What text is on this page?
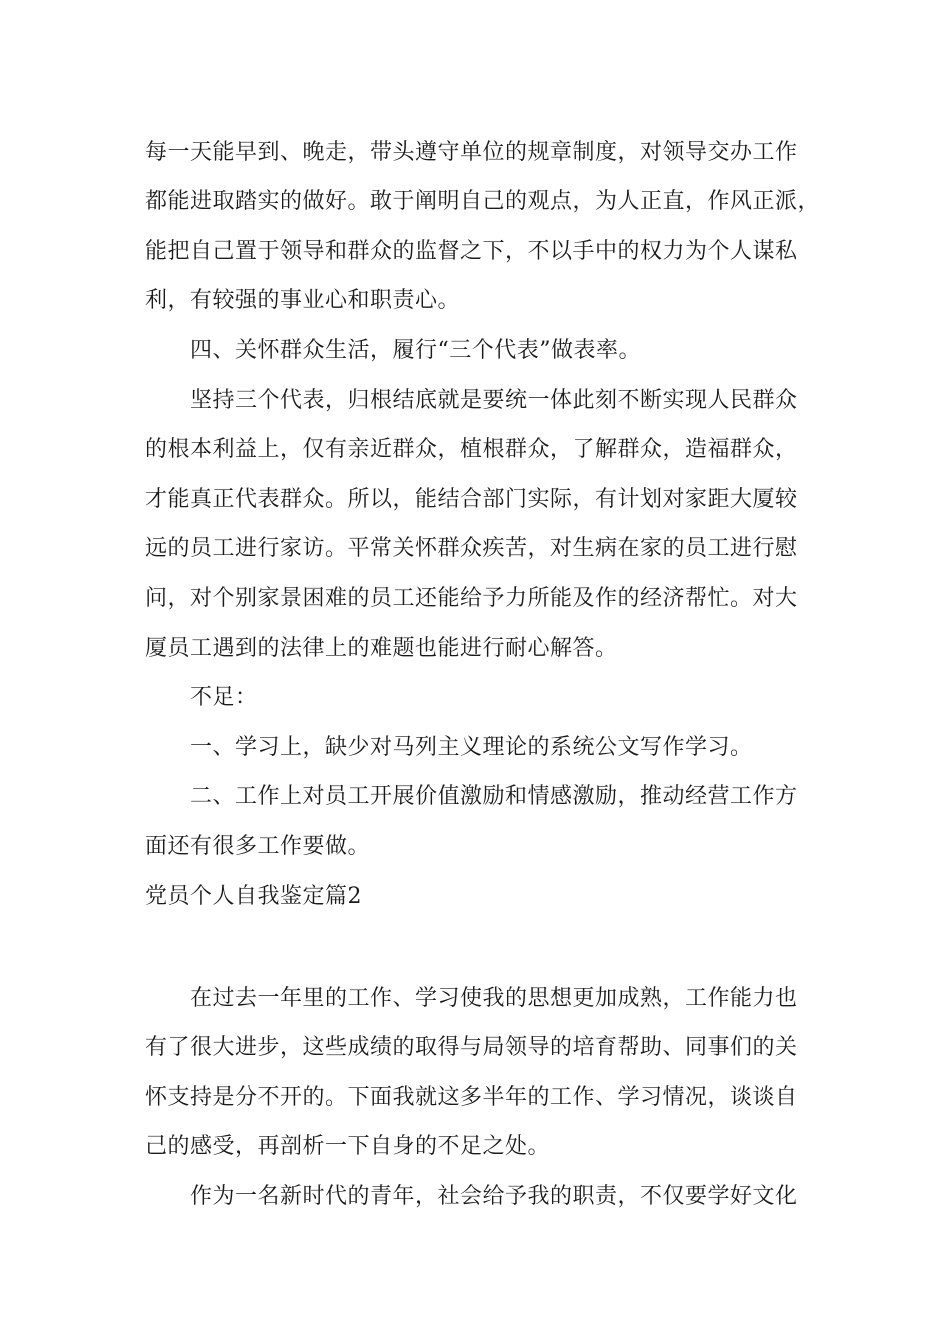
每一天能早到、晚走，带头遵守单位的规章制度，对领导交办工作
都能进取踏实的做好。敢于阐明自己的观点，为人正直，作风正派，
能把自己置于领导和群众的监督之下，不以手中的权力为个人谋私
利，有较强的事业心和职责心。
四、关怀群众生活，履行“三个代表”做表率。
坚持三个代表，归根结底就是要统一体此刻不断实现人民群众
的根本利益上，仅有亲近群众，植根群众，了解群众，造福群众，
才能真正代表群众。所以，能结合部门实际，有计划对家距大厦较
远的员工进行家访。平常关怀群众疾苦，对生病在家的员工进行慰
问，对个别家景困难的员工还能给予力所能及作的经济帮忙。对大
厦员工遇到的法律上的难题也能进行耐心解答。
不足：
一、学习上，缺少对马列主义理论的系统公文写作学习。
二、工作上对员工开展价值激励和情感激励，推动经营工作方
面还有很多工作要做。
党员个人自我鉴定篇2
在过去一年里的工作、学习使我的思想更加成熟，工作能力也
有了很大进步，这些成绩的取得与局领导的培育帮助、同事们的关
怀支持是分不开的。下面我就这多半年的工作、学习情况，谈谈自
己的感受，再剖析一下自身的不足之处。
作为一名新时代的青年，社会给予我的职责，不仅要学好文化
